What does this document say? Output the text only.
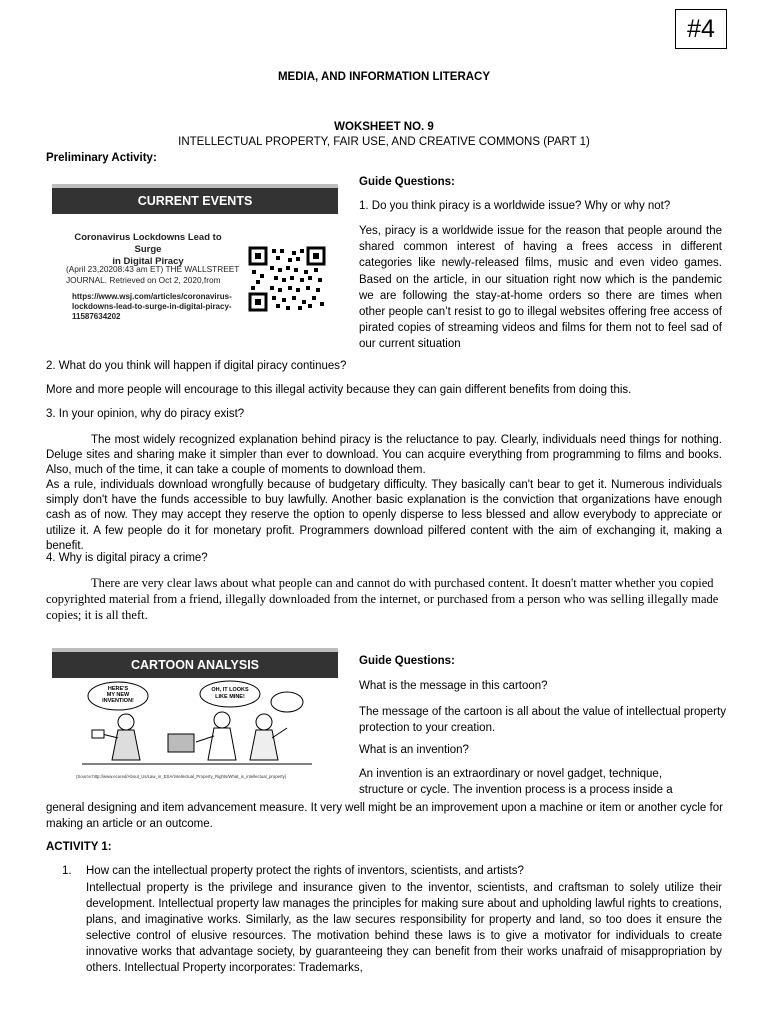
#4
MEDIA, AND INFORMATION LITERACY
WOKSHEET NO. 9
INTELLECTUAL PROPERTY, FAIR USE, AND CREATIVE COMMONS (PART 1)
Preliminary Activity:
CURRENT EVENTS
Coronavirus Lockdowns Lead to Surge
in Digital Piracy
(April 23,20208:43 am ET) THE WALLSTREET
JOURNAL. Retrieved on Oct 2, 2020,from
https://www.wsj.com/articles/coronavirus-
lockdowns-lead-to-surge-in-digital-piracy-
11587634202
Guide Questions:
1. Do you think piracy is a worldwide issue? Why or why not?

Yes, piracy is a worldwide issue for the reason that people around the shared common interest of having a frees access in different categories like newly-released films, music and even video games. Based on the article, in our situation right now which is the pandemic we are following the stay-at-home orders so there are times when other people can’t resist to go to illegal websites offering free access of pirated copies of streaming videos and films for them not to feel sad of our current situation

2. What do you think will happen if digital piracy continues?
More and more people will encourage to this illegal activity because they can gain different benefits from doing this.
3. In your opinion, why do piracy exist?

The most widely recognized explanation behind piracy is the reluctance to pay. Clearly, individuals need things for nothing. Deluge sites and sharing make it simpler than ever to download. You can acquire everything from programming to films and books. Also, much of the time, it can take a couple of moments to download them.

As a rule, individuals download wrongfully because of budgetary difficulty. They basically can't bear to get it. Numerous individuals simply don't have the funds accessible to buy lawfully. Another basic explanation is the conviction that organizations have enough cash as of now. They may accept they reserve the option to openly disperse to less blessed and allow everybody to appreciate or utilize it. A few people do it for monetary profit. Programmers download pilfered content with the aim of exchanging it, making a benefit.

4. Why is digital piracy a crime?

There are very clear laws about what people can and cannot do with purchased content. It doesn't matter whether you copied copyrighted material from a friend, illegally downloaded from the internet, or purchased from a person who was selling illegally made copies; it is all theft.

CARTOON ANALYSIS
HERE'S
MY NEW
INVENTION!
OH, IT LOOKS
LIKE MINE!
(Source:http://www.ecured/About_Us/Law_in_ESA/Intellectual_Property_Rights/What_is_intellectual_property)
Guide Questions:
What is the message in this cartoon?

The message of the cartoon is all about the value of intellectual property protection to your creation.

What is an invention?
An invention is an extraordinary or novel gadget, technique,
structure or cycle. The invention process is a process inside a

general designing and item advancement measure. It very well might be an improvement upon a machine or item or another cycle for making an article or an outcome.

ACTIVITY 1:
1. How can the intellectual property protect the rights of inventors, scientists, and artists?

Intellectual property is the privilege and insurance given to the inventor, scientists, and craftsman to solely utilize their development. Intellectual property law manages the principles for making sure about and upholding lawful rights to creations, plans, and imaginative works. Similarly, as the law secures responsibility for property and land, so too does it ensure the selective control of elusive resources. The motivation behind these laws is to give a motivator for individuals to create innovative works that advantage society, by guaranteeing they can benefit from their works unafraid of misappropriation by others. Intellectual Property incorporates: Trademarks,
